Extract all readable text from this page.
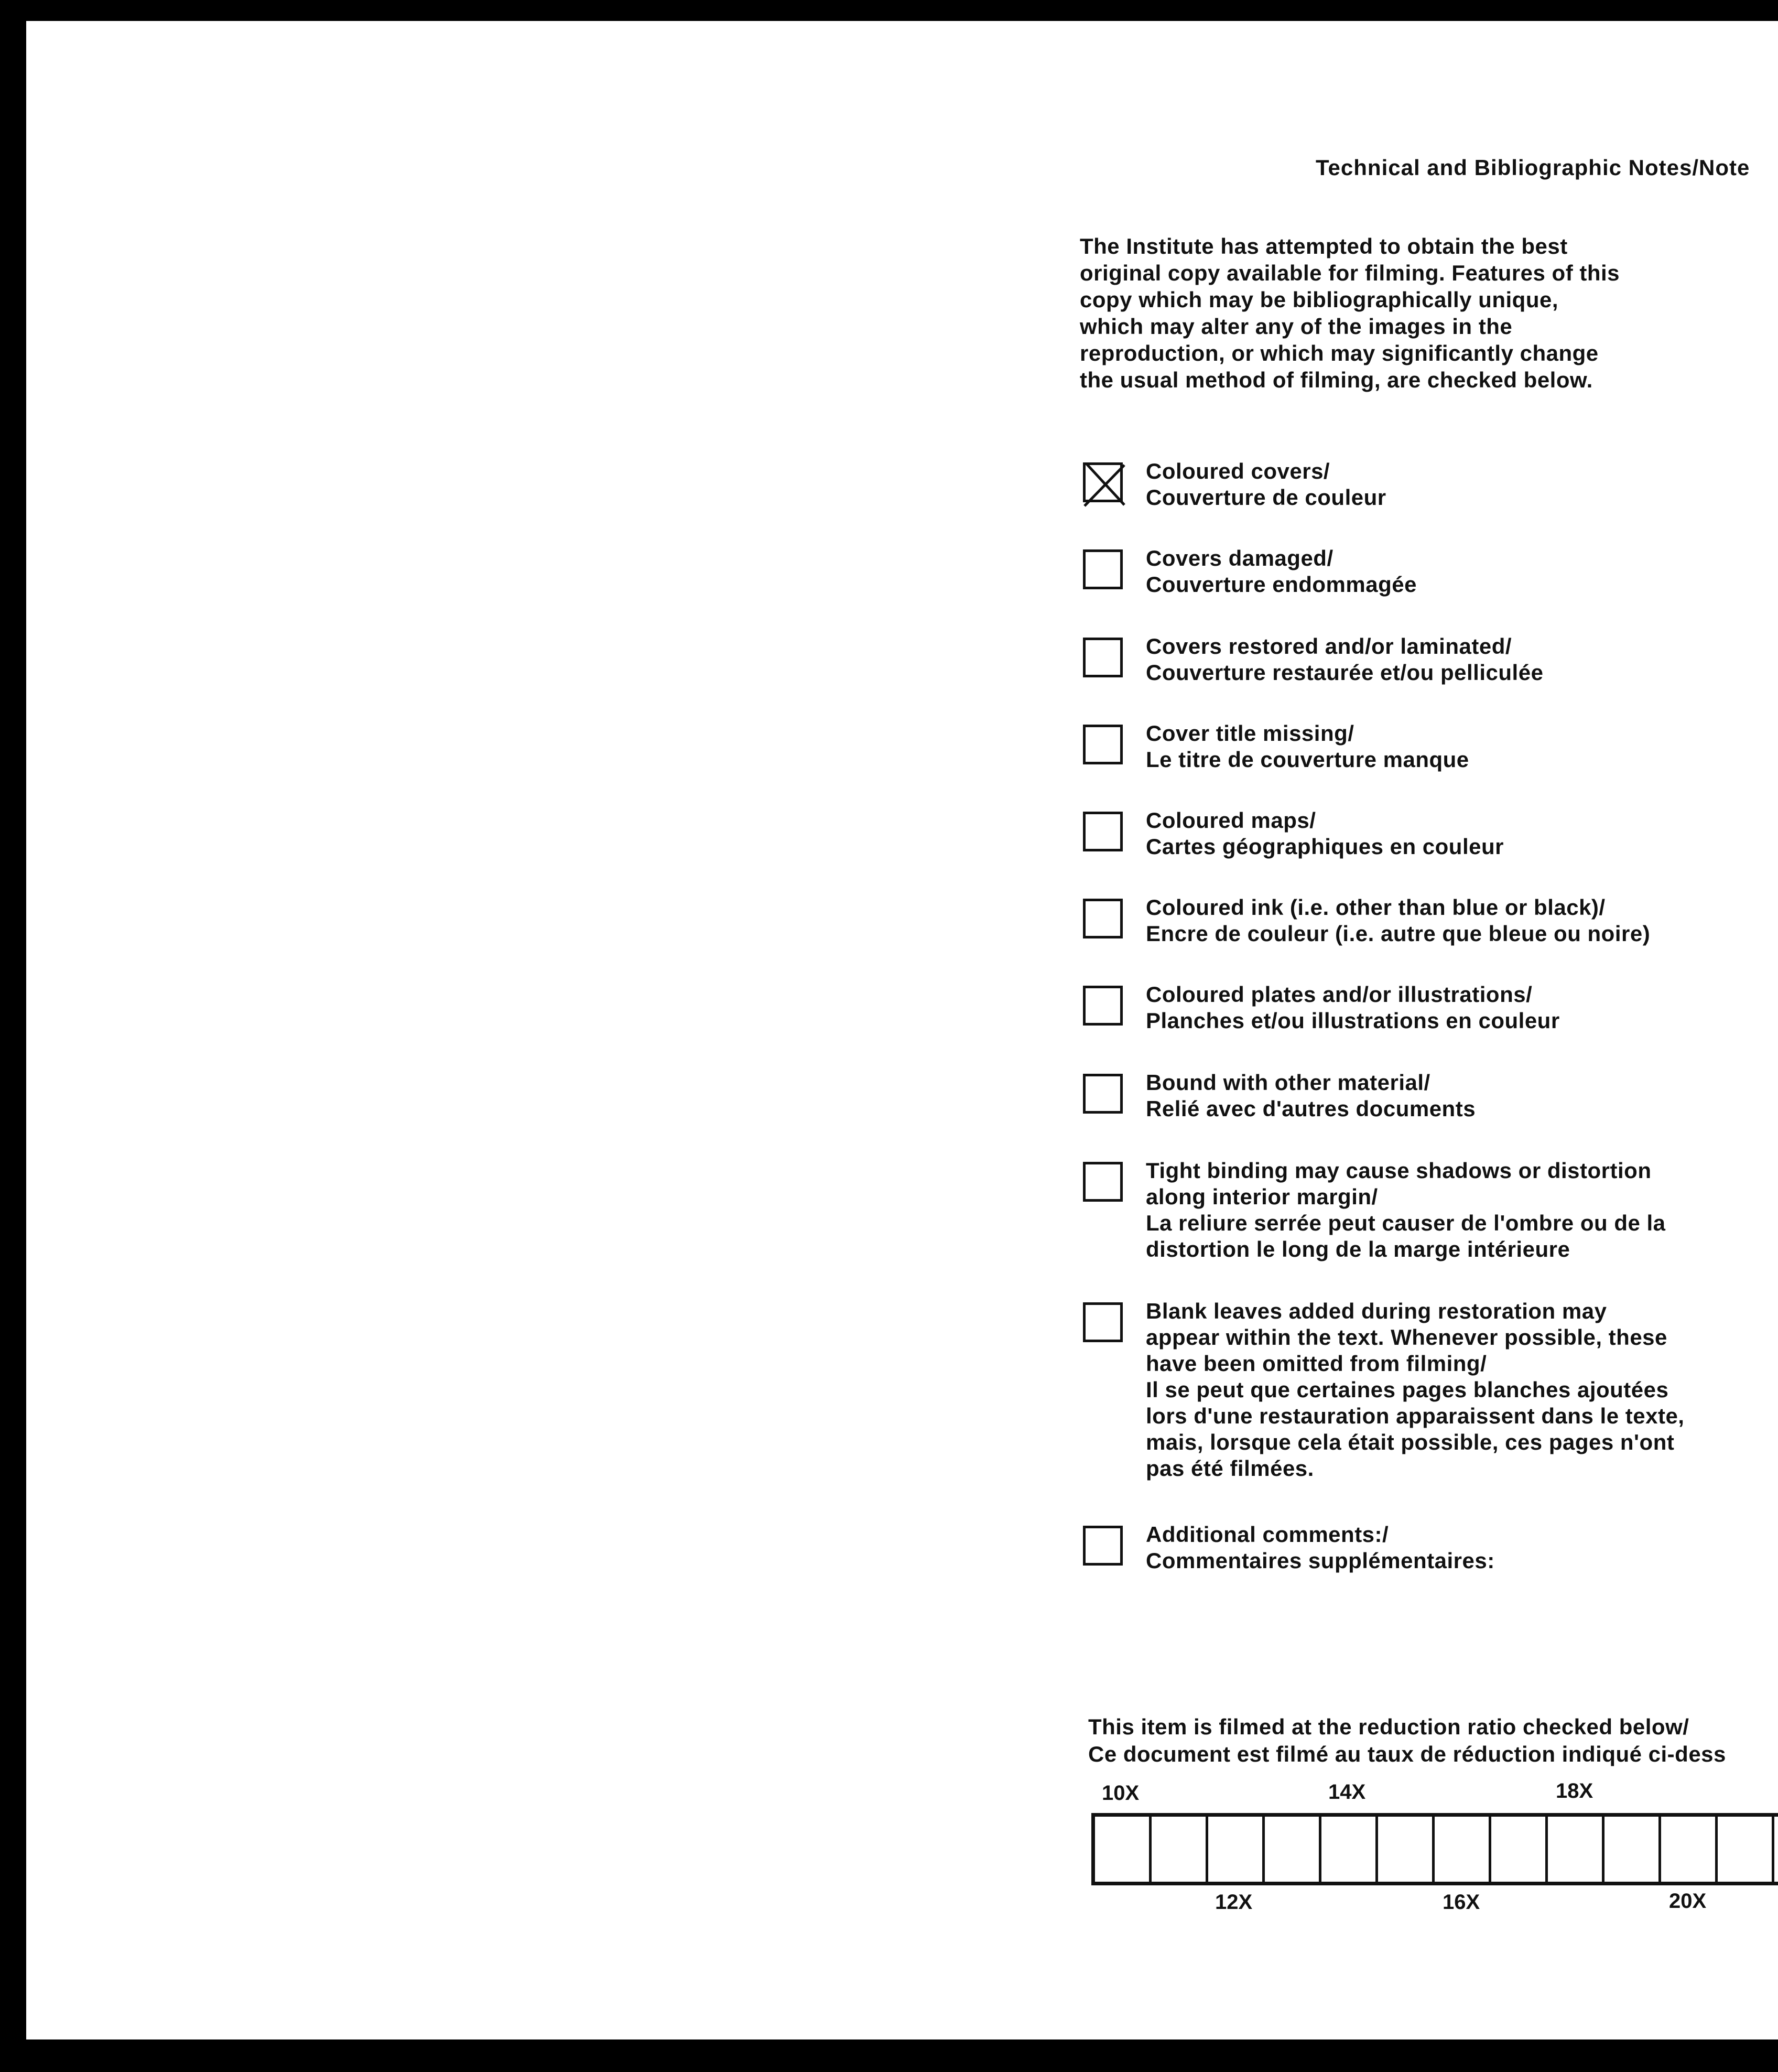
Technical and Bibliographic Notes/Note
The Institute has attempted to obtain the best
original copy available for filming. Features of this
copy which may be bibliographically unique,
which may alter any of the images in the
reproduction, or which may significantly change
the usual method of filming, are checked below.
Coloured covers/
Couverture de couleur
Covers damaged/
Couverture endommagée
Covers restored and/or laminated/
Couverture restaurée et/ou pelliculée
Cover title missing/
Le titre de couverture manque
Coloured maps/
Cartes géographiques en couleur
Coloured ink (i.e. other than blue or black)/
Encre de couleur (i.e. autre que bleue ou noire)
Coloured plates and/or illustrations/
Planches et/ou illustrations en couleur
Bound with other material/
Relié avec d'autres documents
Tight binding may cause shadows or distortion
along interior margin/
La reliure serrée peut causer de l'ombre ou de la
distortion le long de la marge intérieure
Blank leaves added during restoration may
appear within the text. Whenever possible, these
have been omitted from filming/
Il se peut que certaines pages blanches ajoutées
lors d'une restauration apparaissent dans le texte,
mais, lorsque cela était possible, ces pages n'ont
pas été filmées.
Additional comments:/
Commentaires supplémentaires:
This item is filmed at the reduction ratio checked below/
Ce document est filmé au taux de réduction indiqué ci-dess
10X	14X	18X
12X	16X	20X
